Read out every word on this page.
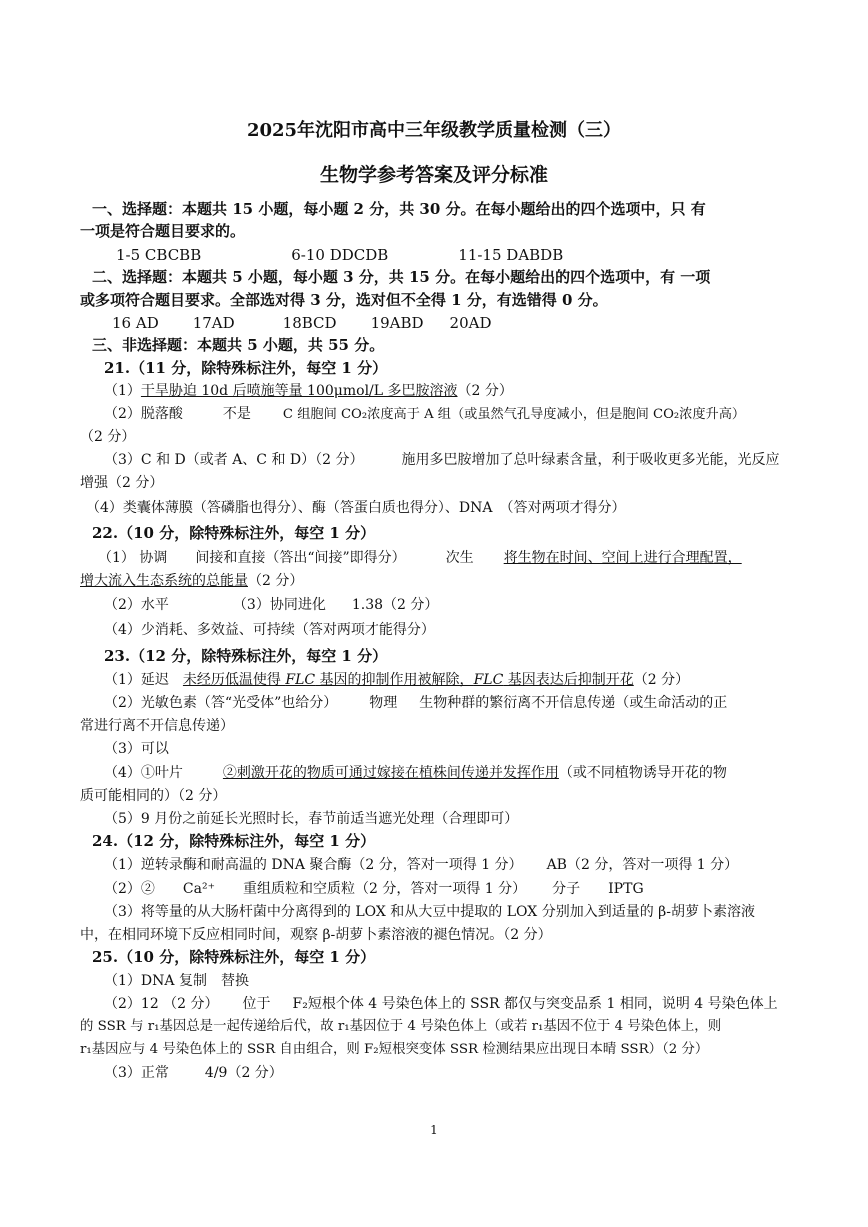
2025年沈阳市高中三年级教学质量检测（三）
生物学参考答案及评分标准
一、选择题：本题共 15 小题，每小题 2 分，共 30 分。在每小题给出的四个选项中，只 有
一项是符合题目要求的。
1-5 CBCBB	6-10 DDCDB	11-15 DABDB
二、选择题：本题共 5 小题，每小题 3 分，共 15 分。在每小题给出的四个选项中，有 一项
或多项符合题目要求。全部选对得 3 分，选对但不全得 1 分，有选错得 0 分。
16 AD 17AD	18BCD 19ABD 20AD
三、非选择题：本题共 5 小题，共 55 分。
21.（11 分，除特殊标注外，每空 1 分）
（1）干旱胁迫 10d 后喷施等量 100μmol/L 多巴胺溶液（2 分）
（2）脱落酸	不是 C 组胞间 CO₂浓度高于 A 组（或虽然气孔导度减小，但是胞间 CO₂浓度升高）
（2 分）
（3）C 和 D（或者 A、C 和 D）（2 分）	施用多巴胺增加了总叶绿素含量，利于吸收更多光能，光反应
增强（2 分）
（4）类囊体薄膜（答磷脂也得分）、酶（答蛋白质也得分）、DNA　（答对两项才得分）
22.（10 分，除特殊标注外，每空 1 分）
（1） 协调 间接和直接（答出“间接”即得分）	次生 将生物在时间、空间上进行合理配置，
增大流入生态系统的总能量（2 分）
（2）水平	（3）协同进化 1.38（2 分）
（4）少消耗、多效益、可持续（答对两项才能得分）
23.（12 分，除特殊标注外，每空 1 分）
（1）延迟 未经历低温使得 FLC 基因的抑制作用被解除，FLC 基因表达后抑制开花（2 分）
（2）光敏色素（答“光受体”也给分） 物理 生物种群的繁衍离不开信息传递（或生命活动的正
常进行离不开信息传递）
（3）可以
（4）①叶片	②刺激开花的物质可通过嫁接在植株间传递并发挥作用（或不同植物诱导开花的物
质可能相同的）（2 分）
（5）9 月份之前延长光照时长，春节前适当遮光处理（合理即可）
24.（12 分，除特殊标注外，每空 1 分）
（1）逆转录酶和耐高温的 DNA 聚合酶（2 分，答对一项得 1 分） AB（2 分，答对一项得 1 分）
（2）② Ca²⁺ 重组质粒和空质粒（2 分，答对一项得 1 分） 分子 IPTG
（3）将等量的从大肠杆菌中分离得到的 LOX 和从大豆中提取的 LOX 分别加入到适量的 β-胡萝卜素溶液
中，在相同环境下反应相同时间，观察 β-胡萝卜素溶液的褪色情况。（2 分）
25.（10 分，除特殊标注外，每空 1 分）
（1）DNA 复制　替换
（2）12 （2 分） 位于 F₂短根个体 4 号染色体上的 SSR 都仅与突变品系 1 相同，说明 4 号染色体上
的 SSR 与 r₁基因总是一起传递给后代，故 r₁基因位于 4 号染色体上（或若 r₁基因不位于 4 号染色体上，则
r₁基因应与 4 号染色体上的 SSR 自由组合，则 F₂短根突变体 SSR 检测结果应出现日本晴 SSR）（2 分）
（3）正常	4/9（2 分）
1
